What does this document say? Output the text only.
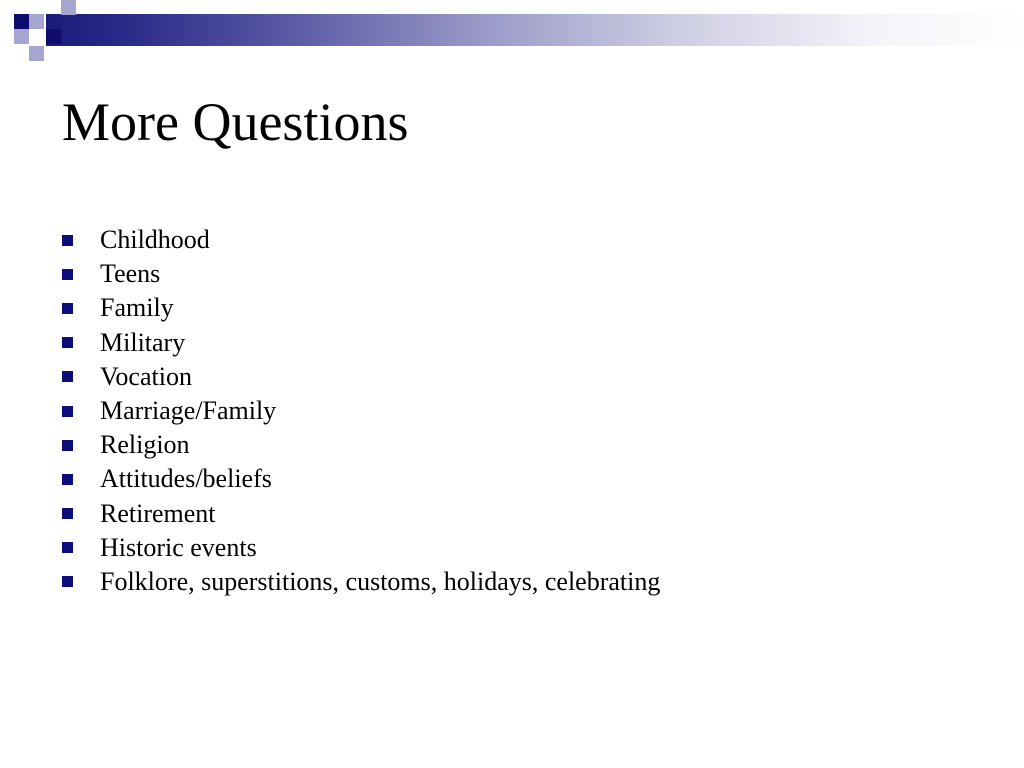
More Questions
Childhood
Teens
Family
Military
Vocation
Marriage/Family
Religion
Attitudes/beliefs
Retirement
Historic events
Folklore, superstitions, customs, holidays, celebrating
